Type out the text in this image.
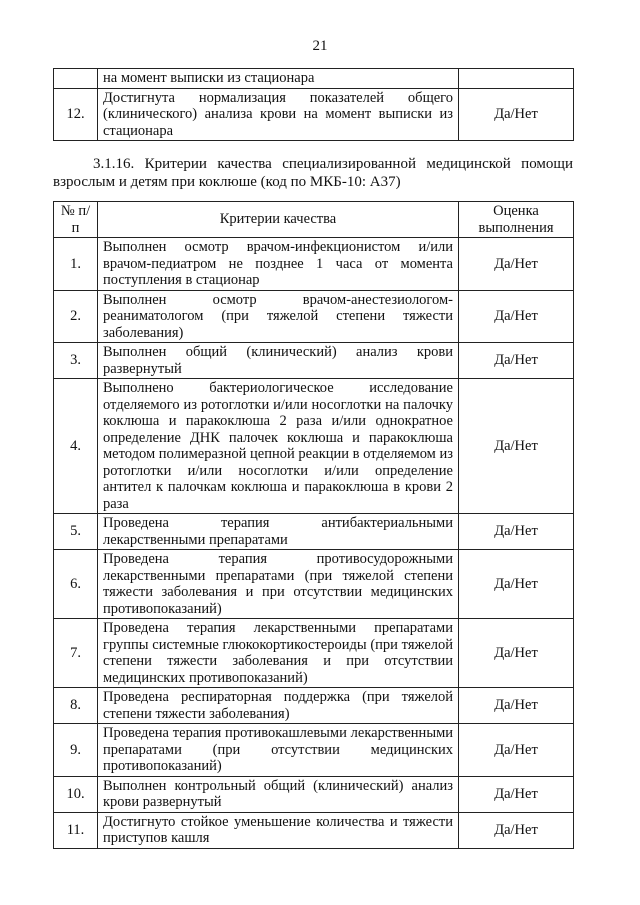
21
	на момент выписки из стационара	
12.	Достигнута нормализация показателей общего (клинического) анализа крови на момент выписки из стационара	Да/Нет
3.1.16. Критерии качества специализированной медицинской помощи взрослым и детям при коклюше (код по МКБ-10: А37)
№ п/п	Критерии качества	Оценка выполнения
1.	Выполнен осмотр врачом-инфекционистом и/или врачом-педиатром не позднее 1 часа от момента поступления в стационар	Да/Нет
2.	Выполнен осмотр врачом-анестезиологом-реаниматологом (при тяжелой степени тяжести заболевания)	Да/Нет
3.	Выполнен общий (клинический) анализ крови развернутый	Да/Нет
4.	Выполнено бактериологическое исследование отделяемого из ротоглотки и/или носоглотки на палочку коклюша и паракоклюша 2 раза и/или однократное определение ДНК палочек коклюша и паракоклюша методом полимеразной цепной реакции в отделяемом из ротоглотки и/или носоглотки и/или определение антител к палочкам коклюша и паракоклюша в крови 2 раза	Да/Нет
5.	Проведена терапия антибактериальными лекарственными препаратами	Да/Нет
6.	Проведена терапия противосудорожными лекарственными препаратами (при тяжелой степени тяжести заболевания и при отсутствии медицинских противопоказаний)	Да/Нет
7.	Проведена терапия лекарственными препаратами группы системные глюкокортикостероиды (при тяжелой степени тяжести заболевания и при отсутствии медицинских противопоказаний)	Да/Нет
8.	Проведена респираторная поддержка (при тяжелой степени тяжести заболевания)	Да/Нет
9.	Проведена терапия противокашлевыми лекарственными препаратами (при отсутствии медицинских противопоказаний)	Да/Нет
10.	Выполнен контрольный общий (клинический) анализ крови развернутый	Да/Нет
11.	Достигнуто стойкое уменьшение количества и тяжести приступов кашля	Да/Нет
